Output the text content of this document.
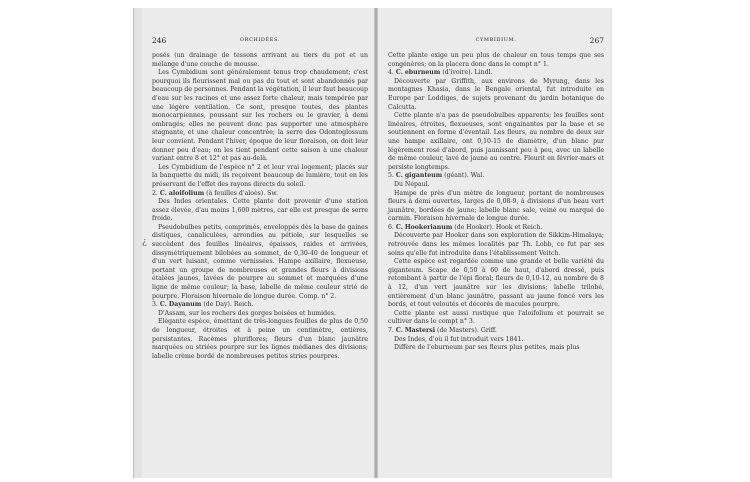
¿
246	ORCHIDÉES.

posés (un drainage de tessons arrivant au tiers du pot et un mélange d'une couche de mousse.

Les Cymbidium sont généralement tenus trop chaudement; c'est pourquoi ils fleurissent mal ou pas du tout et sont abandonnés par beaucoup de personnes. Pendant la végétation, il leur faut beaucoup d'eau sur les racines et une assez forte chaleur, mais tempérée par une légère ventilation. Ce sont, presque toutes, des plantes monocarpiennes, poussant sur les rochers ou le gravier, à demi ombragés; elles ne peuvent donc pas supporter une atmosphère stagnante, et une chaleur concentrée; la serre des Odontoglossum leur convient. Pendant l'hiver, époque de leur floraison, on doit leur donner peu d'eau; on les tient pendant cette saison à une chaleur variant entre 8 et 12° et pas au-delà.

Les Cymbidium de l'espèce n° 2 et leur vrai logement; placés sur la banquette du midi, ils reçoivent beaucoup de lumière, tout en les préservant de l'effet des rayons directs du soleil.

2. C. aloifolium (à feuilles d'aloès). Sw.

Des Indes orientales. Cette plante doit provenir d'une station assez élevée, d'au moins 1,600 mètres, car elle est presque de serre froide.

Pseudobulbes petits, comprimés, enveloppés dès la base de gaines distiques, canaliculées, arrondies au pétiole, sur lesquelles se succèdent des feuilles linéaires, épaisses, raides et arrivées, dissymétriquement bilobées au sommet, de 0,30-40 de longueur et d'un vert luisant, comme vernissées. Hampe axillaire, flexueuse, portant un groupe de nombreuses et grandes fleurs à divisions étalées jaunes, lavées de pourpre au sommet et marquées d'une ligne de même couleur; la base, labelle de même couleur strié de pourpre. Floraison hivernale de longue durée. Comp. n° 2.

3. C. Dayanum (de Day). Reich.

D'Assam, sur les rochers des gorges boisées et humides.

Elégante espèce, émettant de très-longues feuilles de plus de 0,50 de longueur, étroites et à peine un centimètre, entières, persistantes. Racèmes pluriflores; fleurs d'un blanc jaunâtre marquées ou striées pourpre sur les lignes médianes des divisions; labelle crème bordé de nombreuses petites stries pourpres.

CYMBIDIUM.	267

Cette plante exige un peu plus de chaleur en tous temps que ses congénères; on la placera donc dans le compt n° 1.

4. C. eburneum (d'ivoire). Lindl.

Découverte par Griffith, aux environs de Myrung, dans les montagnes Khasia, dans le Bengale oriental, fut introduite en Europe par Loddiges, de sujets provenant du jardin botanique de Calcutta.

Cette plante n'a pas de pseudobulbes apparents; les feuilles sont linéaires, étroites, flexueuses, sont engainantes par la base et se soutiennent en forme d'éventail. Les fleurs, au nombre de deux sur une hampe axillaire, ont 0,10-15 de diamètre, d'un blanc pur légèrement rosé d'abord, puis jaunissant peu à peu, avec un labelle de même couleur, lavé de jaune au centre. Fleurit en février-mars et persiste longtemps.

5. C. giganteum (géant). Wal.

Du Népaul.

Hampe de près d'un mètre de longueur, portant de nombreuses fleurs à demi ouvertes, larges de 0,08-9, à divisions d'un beau vert jaunâtre, bordées de jaune; labelle blanc sale, veiné ou marqué de carmin. Floraison hivernale de longue durée.

6. C. Hookerianum (de Hooker). Hook et Reich.

Découverte par Hooker dans son exploration de Sikkim-Himalaya; retrouvée dans les mêmes localités par Th. Lobb, ce fut par ses soins qu'elle fut introduite dans l'établissement Veitch.

Cette espèce est regardée comme une grande et belle variété du giganteum. Scape de 0,50 à 60 de haut, d'abord dressé, puis retombant à partir de l'épi floral; fleurs de 0,10-12, au nombre de 8 à 12, d'un vert jaunâtre sur les divisions; labelle trilobé, entièrement d'un blanc jaunâtre, passant au jaune foncé vers les bords, et tout veloutés et décorés de macules pourpre.

Cette plante est aussi rustique que l'aloifolium et pourrait se cultiver dans le compt n° 3.

7. C. Mastersi (de Masters). Griff.

Des Indes, d'où il fut introduit vers 1841.

Diffère de l'eburneum par ses fleurs plus petites, mais plus
